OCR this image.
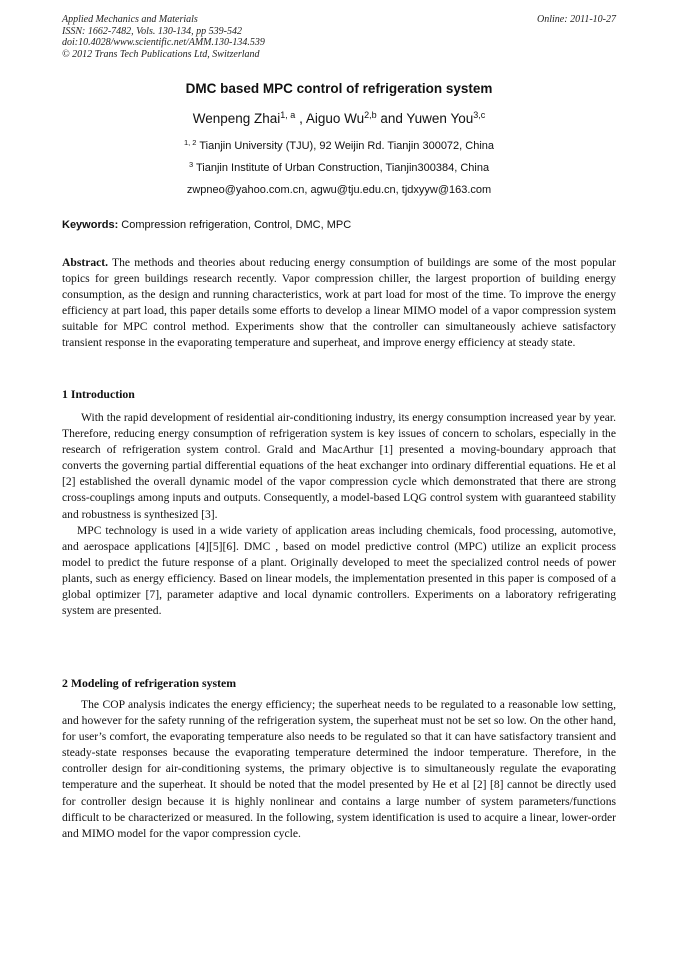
Applied Mechanics and Materials
ISSN: 1662-7482, Vols. 130-134, pp 539-542
doi:10.4028/www.scientific.net/AMM.130-134.539
© 2012 Trans Tech Publications Ltd, Switzerland
Online: 2011-10-27
DMC based MPC control of refrigeration system
Wenpeng Zhai$^{1, a}$ , Aiguo Wu$^{2,b}$ and Yuwen You$^{3,c}$
$^{1, 2}$ Tianjin University (TJU), 92 Weijin Rd. Tianjin 300072, China
$^3$ Tianjin Institute of Urban Construction, Tianjin300384, China
zwpneo@yahoo.com.cn, agwu@tju.edu.cn, tjdxyyw@163.com
Keywords: Compression refrigeration, Control, DMC, MPC
Abstract. The methods and theories about reducing energy consumption of buildings are some of the most popular topics for green buildings research recently. Vapor compression chiller, the largest proportion of building energy consumption, as the design and running characteristics, work at part load for most of the time. To improve the energy efficiency at part load, this paper details some efforts to develop a linear MIMO model of a vapor compression system suitable for MPC control method. Experiments show that the controller can simultaneously achieve satisfactory transient response in the evaporating temperature and superheat, and improve energy efficiency at steady state.
1 Introduction

With the rapid development of residential air-conditioning industry, its energy consumption increased year by year. Therefore, reducing energy consumption of refrigeration system is key issues of concern to scholars, especially in the research of refrigeration system control. Grald and MacArthur [1] presented a moving-boundary approach that converts the governing partial differential equations of the heat exchanger into ordinary differential equations. He et al [2] established the overall dynamic model of the vapor compression cycle which demonstrated that there are strong cross-couplings among inputs and outputs. Consequently, a model-based LQG control system with guaranteed stability and robustness is synthesized [3].

MPC technology is used in a wide variety of application areas including chemicals, food processing, automotive, and aerospace applications [4][5][6]. DMC , based on model predictive control (MPC) utilize an explicit process model to predict the future response of a plant. Originally developed to meet the specialized control needs of power plants, such as energy efficiency. Based on linear models, the implementation presented in this paper is composed of a global optimizer [7], parameter adaptive and local dynamic controllers. Experiments on a laboratory refrigerating system are presented.

2 Modeling of refrigeration system

The COP analysis indicates the energy efficiency; the superheat needs to be regulated to a reasonable low setting, and however for the safety running of the refrigeration system, the superheat must not be set so low. On the other hand, for user’s comfort, the evaporating temperature also needs to be regulated so that it can have satisfactory transient and steady-state responses because the evaporating temperature determined the indoor temperature. Therefore, in the controller design for air-conditioning systems, the primary objective is to simultaneously regulate the evaporating temperature and the superheat. It should be noted that the model presented by He et al [2] [8] cannot be directly used for controller design because it is highly nonlinear and contains a large number of system parameters/functions difficult to be characterized or measured. In the following, system identification is used to acquire a linear, lower-order and MIMO model for the vapor compression cycle.
